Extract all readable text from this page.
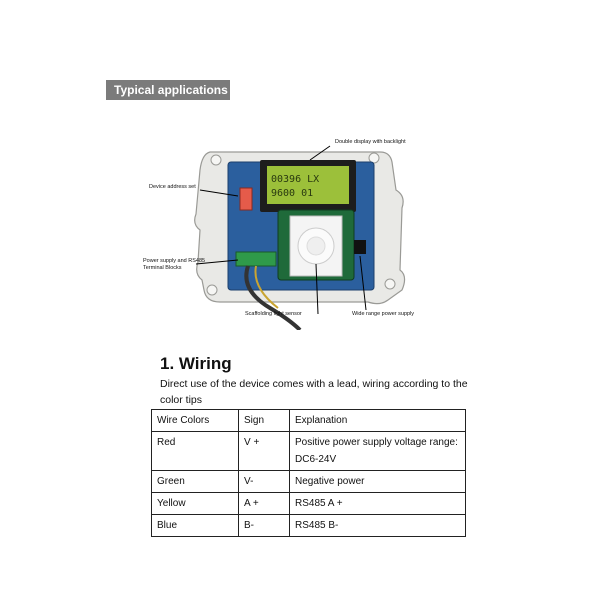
Typical applications
00396 LX
9600 01
Double display with backlight
Device address set
Power supply and RS485
Terminal Blocks
Scaffolding light sensor	Wide range power supply
1. Wiring
Direct use of the device comes with a lead, wiring according to the color tips
Wire Colors	Sign	Explanation
Red	V +	Positive power supply voltage range: DC6-24V
Green	V-	Negative power
Yellow	A +	RS485 A +
Blue	B-	RS485 B-
